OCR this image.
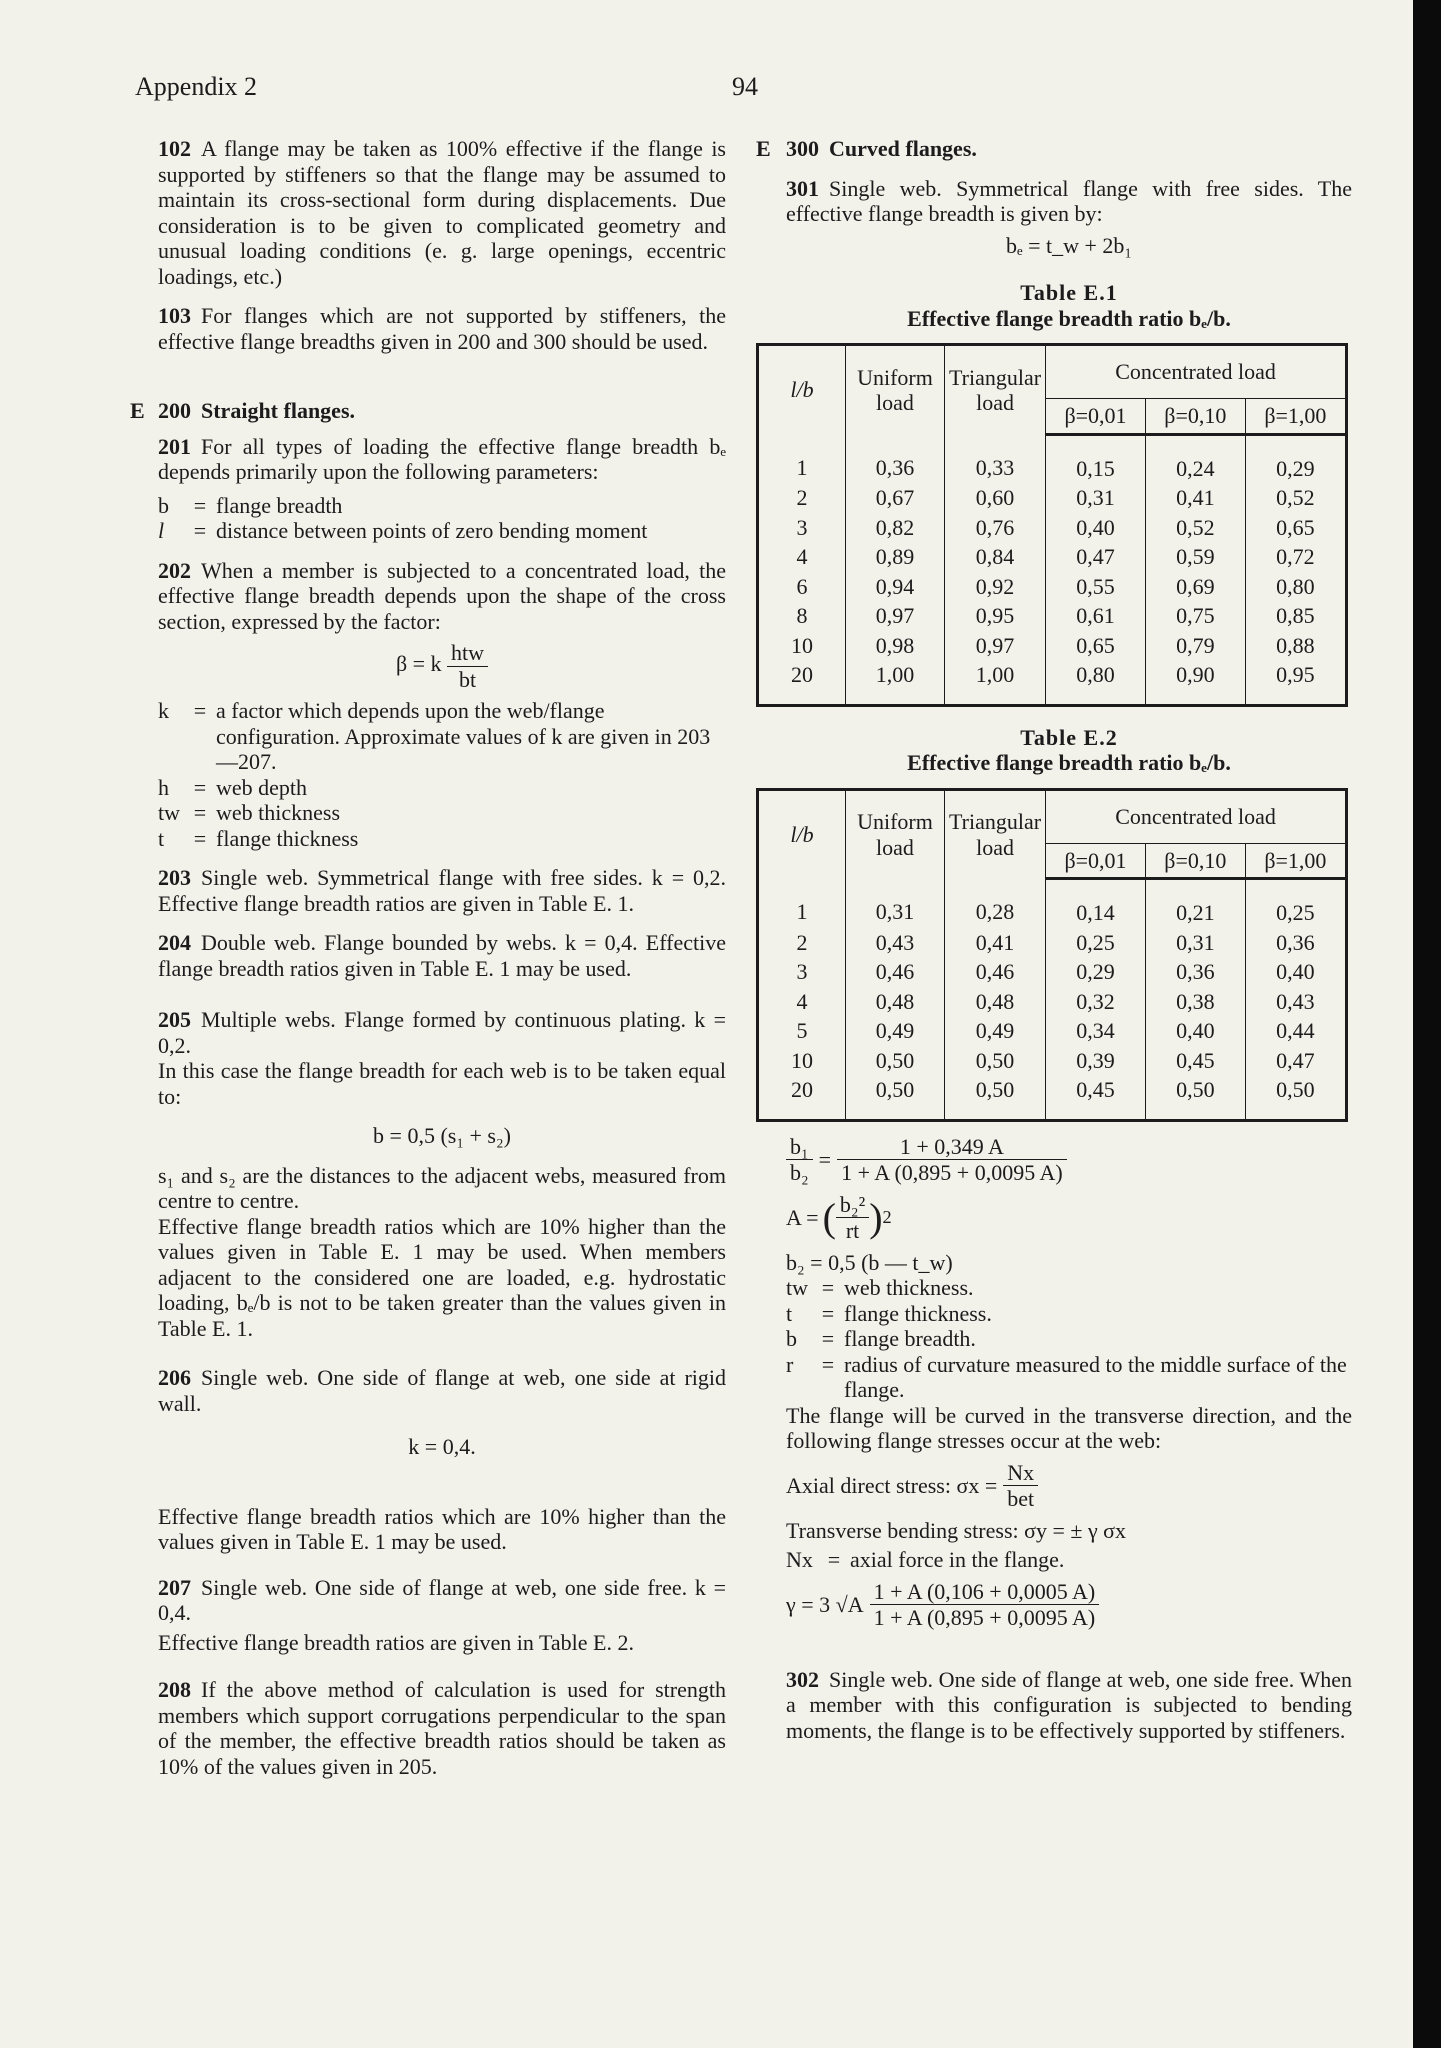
Appendix 2	94

102 A flange may be taken as 100% effective if the flange is supported by stiffeners so that the flange may be assumed to maintain its cross-sectional form during displacements. Due consideration is to be given to complicated geometry and unusual loading conditions (e. g. large openings, eccentric loadings, etc.)

103 For flanges which are not supported by stiffeners, the effective flange breadths given in 200 and 300 should be used.

E 200 Straight flanges.

201 For all types of loading the effective flange breadth bₑ depends primarily upon the following parameters:

b	= flange breadth
l	= distance between points of zero bending moment

202 When a member is subjected to a concentrated load, the effective flange breadth depends upon the shape of the cross section, expressed by the factor:

β = k $\frac{\text{htw}}{bt}$
k	= a factor which depends upon the web/flange configuration. Approximate values of k are given in 203—207.
h	= web depth
tw = web thickness
t	= flange thickness

203 Single web. Symmetrical flange with free sides. k = 0,2. Effective flange breadth ratios are given in Table E. 1.

204 Double web. Flange bounded by webs. k = 0,4. Effective flange breadth ratios given in Table E. 1 may be used.

205 Multiple webs. Flange formed by continuous plating. k = 0,2.

In this case the flange breadth for each web is to be taken equal to:

b = 0,5 (s₁ + s₂)

s₁ and s₂ are the distances to the adjacent webs, measured from centre to centre.

Effective flange breadth ratios which are 10% higher than the values given in Table E. 1 may be used. When members adjacent to the considered one are loaded, e.g. hydrostatic loading, bₑ/b is not to be taken greater than the values given in Table E. 1.

206 Single web. One side of flange at web, one side at rigid wall.

k = 0,4.

Effective flange breadth ratios which are 10% higher than the values given in Table E. 1 may be used.

207 Single web. One side of flange at web, one side free. k = 0,4.

Effective flange breadth ratios are given in Table E. 2.

208 If the above method of calculation is used for strength members which support corrugations perpendicular to the span of the member, the effective breadth ratios should be taken as 10% of the values given in 205.

E 300 Curved flanges.

301 Single web. Symmetrical flange with free sides. The effective flange breadth is given by:

bₑ = t_w + 2b₁

Table E.1

Effective flange breadth ratio bₑ/b.

l/b	Uniform load	Triangular load	Concentrated load		
			β=0,01	β=0,10	β=1,00
1	0,36	0,33	0,15	0,24	0,29
2	0,67	0,60	0,31	0,41	0,52
3	0,82	0,76	0,40	0,52	0,65
4	0,89	0,84	0,47	0,59	0,72
6	0,94	0,92	0,55	0,69	0,80
8	0,97	0,95	0,61	0,75	0,85
10	0,98	0,97	0,65	0,79	0,88
20	1,00	1,00	0,80	0,90	0,95

Table E.2

Effective flange breadth ratio bₑ/b.

l/b	Uniform load	Triangular load	Concentrated load		
			β=0,01	β=0,10	β=1,00
1	0,31	0,28	0,14	0,21	0,25
2	0,43	0,41	0,25	0,31	0,36
3	0,46	0,46	0,29	0,36	0,40
4	0,48	0,48	0,32	0,38	0,43
5	0,49	0,49	0,34	0,40	0,44
10	0,50	0,50	0,39	0,45	0,47
20	0,50	0,50	0,45	0,50	0,50
$\frac{\text{b₁}}{\text{b₂}} = \frac{1 + 0,349 A}{1 + A (0,895 + 0,0095 A)}$
A = ( $\frac{\text{b₂²}}{rt}$ ) 2
b₂ = 0,5 (b — t_w)
tw = web thickness.
t	= flange thickness.
b	= flange breadth.
r	= radius of curvature measured to the middle surface of the flange.

The flange will be curved in the transverse direction, and the following flange stresses occur at the web:

Axial direct stress: $\sigma x = \frac{Nx}{\text{bet}}$
Transverse bending stress: σy = ± γ σx
Nx = axial force in the flange.
γ = 3 $√A \frac{1 + A (0,106 + 0,0005 A)}{1 + A (0,895 + 0,0095 A)}$

302 Single web. One side of flange at web, one side free. When a member with this configuration is subjected to bending moments, the flange is to be effectively supported by stiffeners.
